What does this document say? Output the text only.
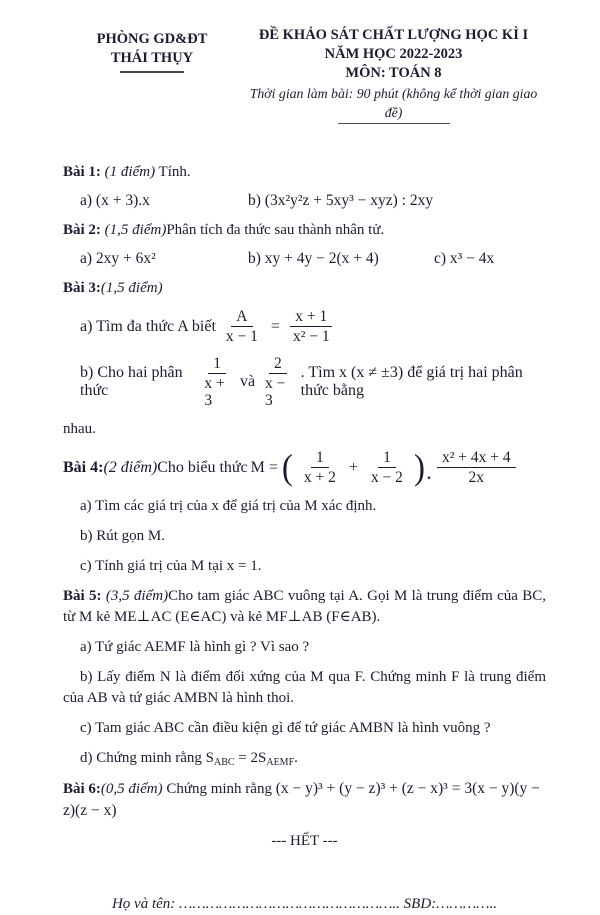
PHÒNG GD&ĐT
THÁI THỤY
ĐỀ KHẢO SÁT CHẤT LƯỢNG HỌC KÌ I
NĂM HỌC 2022-2023
MÔN: TOÁN 8
Thời gian làm bài: 90 phút (không kể thời gian giao đề)

Bài 1: (1 điểm) Tính.

a) (x + 3).x	b) (3x²y²z + 5xy³ − xyz) : 2xy

Bài 2: (1,5 điểm)Phân tích đa thức sau thành nhân tử.

a) 2xy + 6x²	b) xy + 4y − 2(x + 4)	c) x³ − 4x

Bài 3:(1,5 điểm)

a) Tìm đa thức A biết $\frac{A}{x - 1} = \frac{x + 1}{\text{x² − 1}}$
b) Cho hai phân thức	$\frac{1}{x + 3}$ và $\frac{2}{x - 3}$ . Tìm x (x ≠ ±3) để giá trị hai phân thức bằng

nhau.

Bài 4: (2 điểm) Cho biểu thức M = ( $\frac{1}{x + 2} + \frac{1}{x - 2}$ ) . $\frac{\text{x² + 4x + 4}}{2x}$

a) Tìm các giá trị của x để giá trị của M xác định.

b) Rút gọn M.

c) Tính giá trị của M tại x = 1.

Bài 5: (3,5 điểm)Cho tam giác ABC vuông tại A. Gọi M là trung điểm của BC, từ M kẻ ME⊥AC (E∈AC) và kẻ MF⊥AB (F∈AB).

a) Tứ giác AEMF là hình gì ? Vì sao ?

b) Lấy điểm N là điểm đối xứng của M qua F. Chứng minh F là trung điểm của AB và tứ giác AMBN là hình thoi.

c) Tam giác ABC cần điều kiện gì để tứ giác AMBN là hình vuông ?

d) Chứng minh rằng $S_{ABC} = 2S_{AEMF}$.

Bài 6:(0,5 điểm) Chứng minh rằng (x − y)³ + (y − z)³ + (z − x)³ = 3(x − y)(y − z)(z − x)

--- HẾT ---

Họ và tên: ………………………………………….. SBD:…………..
